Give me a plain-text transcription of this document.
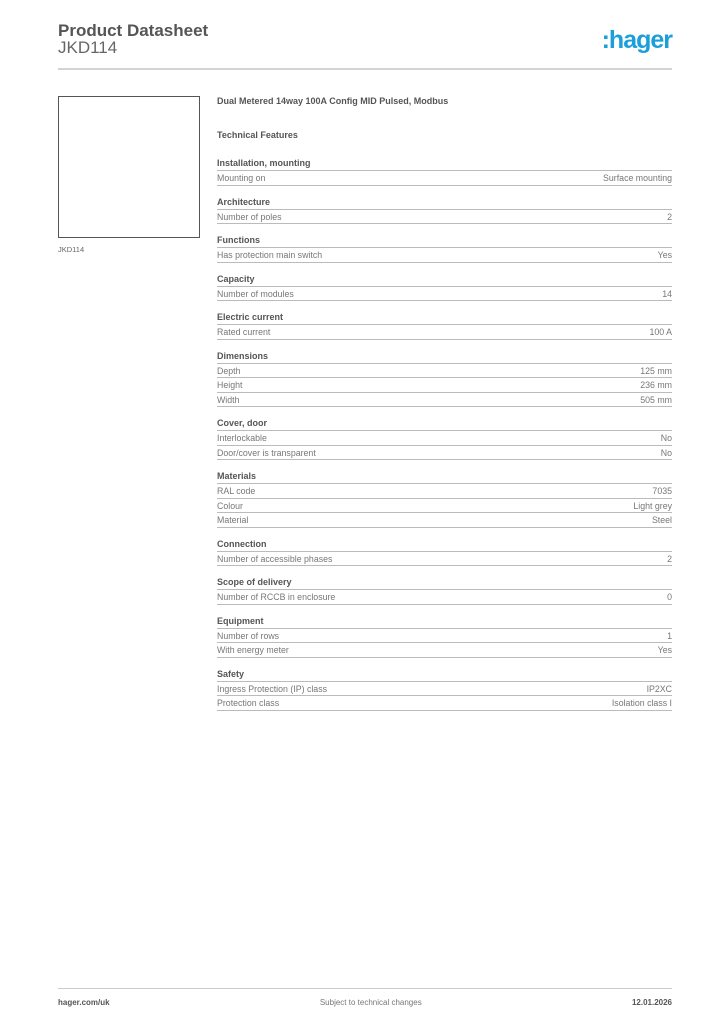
Product Datasheet
JKD114	:hager
JKD114
Dual Metered 14way 100A Config MID Pulsed, Modbus
Technical Features
Installation, mounting
Mounting on	Surface mounting
Architecture
Number of poles	2
Functions
Has protection main switch	Yes
Capacity
Number of modules	14
Electric current
Rated current	100 A
Dimensions
Depth	125 mm
Height	236 mm
Width	505 mm
Cover, door
Interlockable	No
Door/cover is transparent	No
Materials
RAL code	7035
Colour	Light grey
Material	Steel
Connection
Number of accessible phases	2
Scope of delivery
Number of RCCB in enclosure	0
Equipment
Number of rows	1
With energy meter	Yes
Safety
Ingress Protection (IP) class	IP2XC
Protection class	Isolation class I
hager.com/uk	Subject to technical changes	12.01.2026
